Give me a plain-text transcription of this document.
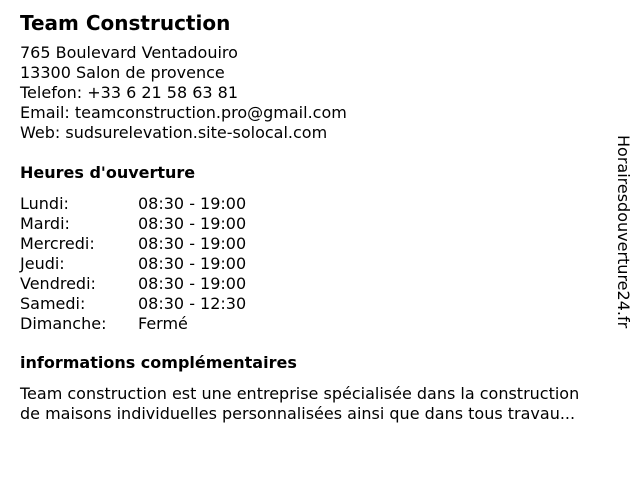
Team Construction
765 Boulevard Ventadouiro
13300 Salon de provence
Telefon: +33 6 21 58 63 81
Email: teamconstruction.pro@gmail.com
Web: sudsurelevation.site-solocal.com
Heures d'ouverture
Lundi:	08:30 - 19:00
Mardi:	08:30 - 19:00
Mercredi:	08:30 - 19:00
Jeudi:	08:30 - 19:00
Vendredi:	08:30 - 19:00
Samedi:	08:30 - 12:30
Dimanche: Fermé
informations complémentaires
Team construction est une entreprise spécialisée dans la construction
de maisons individuelles personnalisées ainsi que dans tous travau...
Horairesdouverture24.fr
